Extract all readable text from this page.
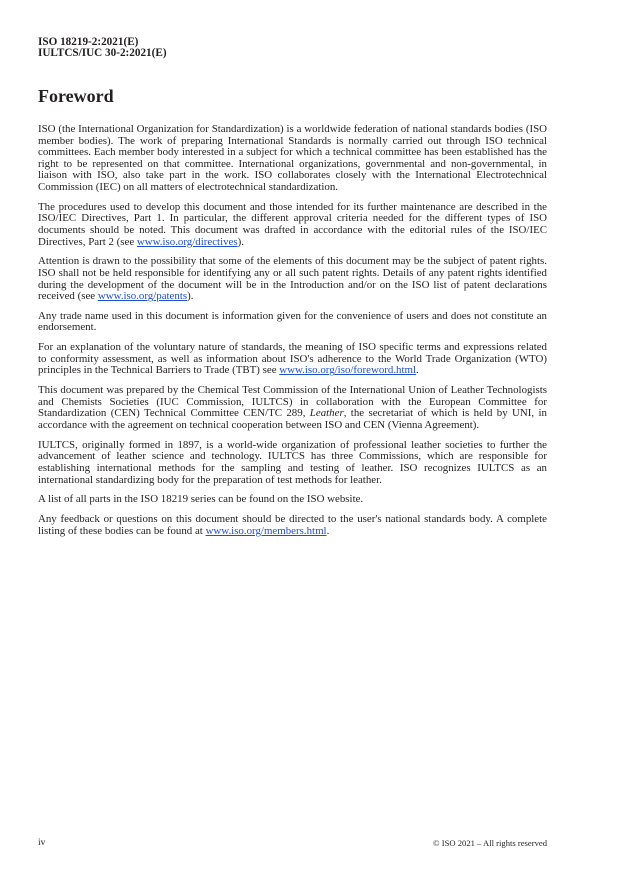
ISO 18219-2:2021(E)
IULTCS/IUC 30-2:2021(E)
Foreword

ISO (the International Organization for Standardization) is a worldwide federation of national standards bodies (ISO member bodies). The work of preparing International Standards is normally carried out through ISO technical committees. Each member body interested in a subject for which a technical committee has been established has the right to be represented on that committee. International organizations, governmental and non-governmental, in liaison with ISO, also take part in the work. ISO collaborates closely with the International Electrotechnical Commission (IEC) on all matters of electrotechnical standardization.

The procedures used to develop this document and those intended for its further maintenance are described in the ISO/IEC Directives, Part 1. In particular, the different approval criteria needed for the different types of ISO documents should be noted. This document was drafted in accordance with the editorial rules of the ISO/IEC Directives, Part 2 (see www.iso.org/directives).

Attention is drawn to the possibility that some of the elements of this document may be the subject of patent rights. ISO shall not be held responsible for identifying any or all such patent rights. Details of any patent rights identified during the development of the document will be in the Introduction and/or on the ISO list of patent declarations received (see www.iso.org/patents).

Any trade name used in this document is information given for the convenience of users and does not constitute an endorsement.

For an explanation of the voluntary nature of standards, the meaning of ISO specific terms and expressions related to conformity assessment, as well as information about ISO's adherence to the World Trade Organization (WTO) principles in the Technical Barriers to Trade (TBT) see www.iso.org/iso/foreword.html.

This document was prepared by the Chemical Test Commission of the International Union of Leather Technologists and Chemists Societies (IUC Commission, IULTCS) in collaboration with the European Committee for Standardization (CEN) Technical Committee CEN/TC 289, Leather, the secretariat of which is held by UNI, in accordance with the agreement on technical cooperation between ISO and CEN (Vienna Agreement).

IULTCS, originally formed in 1897, is a world-wide organization of professional leather societies to further the advancement of leather science and technology. IULTCS has three Commissions, which are responsible for establishing international methods for the sampling and testing of leather. ISO recognizes IULTCS as an international standardizing body for the preparation of test methods for leather.

A list of all parts in the ISO 18219 series can be found on the ISO website.

Any feedback or questions on this document should be directed to the user's national standards body. A complete listing of these bodies can be found at www.iso.org/members.html.

iv	© ISO 2021 – All rights reserved
